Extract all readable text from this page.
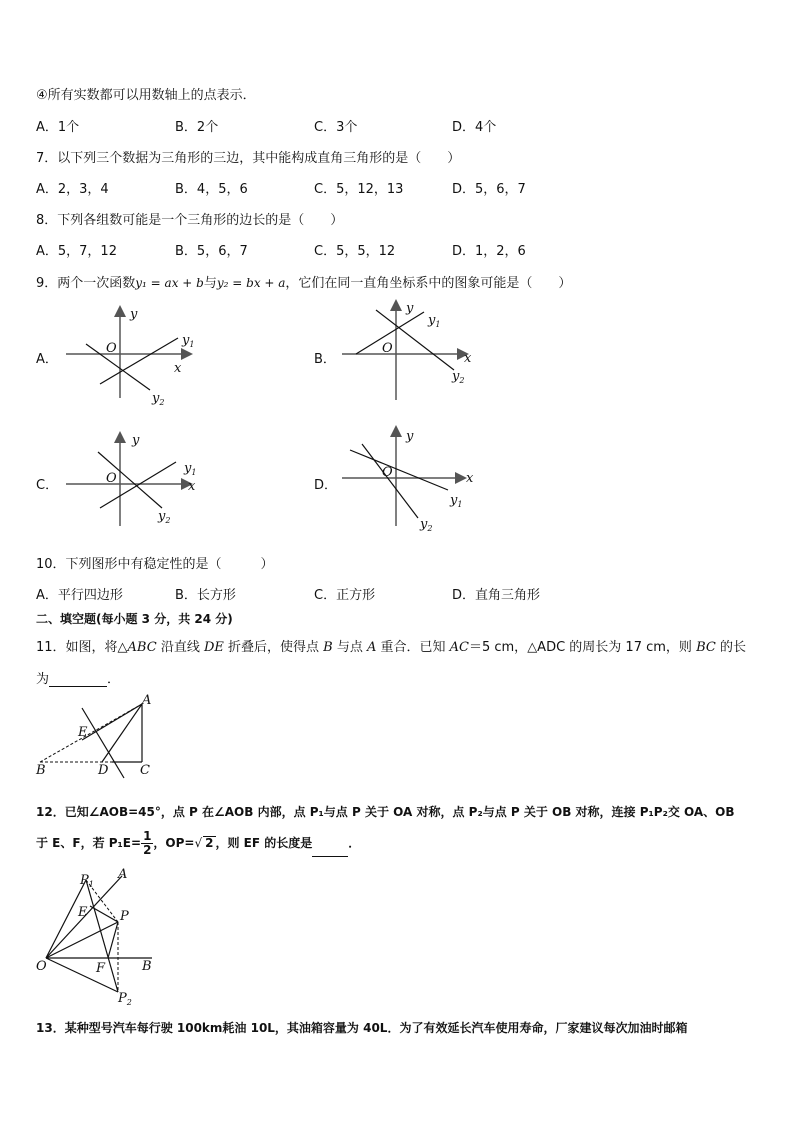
④所有实数都可以用数轴上的点表示．
A．1个	B．2个	C．3个	D．4个
7．以下列三个数据为三角形的三边，其中能构成直角三角形的是（　　）
A．2，3，4	B．4，5，6	C．5，12，13	D．5，6，7
8．下列各组数可能是一个三角形的边长的是（　　）
A．5，7，12	B．5，6，7	C．5，5，12	D．1，2，6
9．两个一次函数y₁ = ax + b与y₂ = bx + a，它们在同一直角坐标系中的图象可能是（　　）
A．
y
O
x
$y_1$
$y_2$
B．
y
O
x
$y_1$
$y_2$
C．
y
O
x
$y_1$
$y_2$
D．
y
O	x
$y_1$
$y_2$
10．下列图形中有稳定性的是（　　　）
A．平行四边形	B．长方形	C．正方形	D．直角三角形
二、填空题(每小题 3 分，共 24 分)
11．如图，将△ABC 沿直线 DE 折叠后，使得点 B 与点 A 重合．已知 AC＝5 cm，△ADC 的周长为 17 cm，则 BC 的长
为	．
A
E
B	D C
12．已知∠AOB=45°，点 P 在∠AOB 内部，点 P₁与点 P 关于 OA 对称，点 P₂与点 P 关于 OB 对称，连接 P₁P₂交 OA、OB
于 E、F，若 $P_1E= \frac{1}{2}$ ，OP=√ 2 ，则 EF 的长度是	．
$P_1$
A
E	P
O	F	B
$P_2$
13．某种型号汽车每行驶 100km耗油 10L，其油箱容量为 40L．为了有效延长汽车使用寿命，厂家建议每次加油时邮箱
